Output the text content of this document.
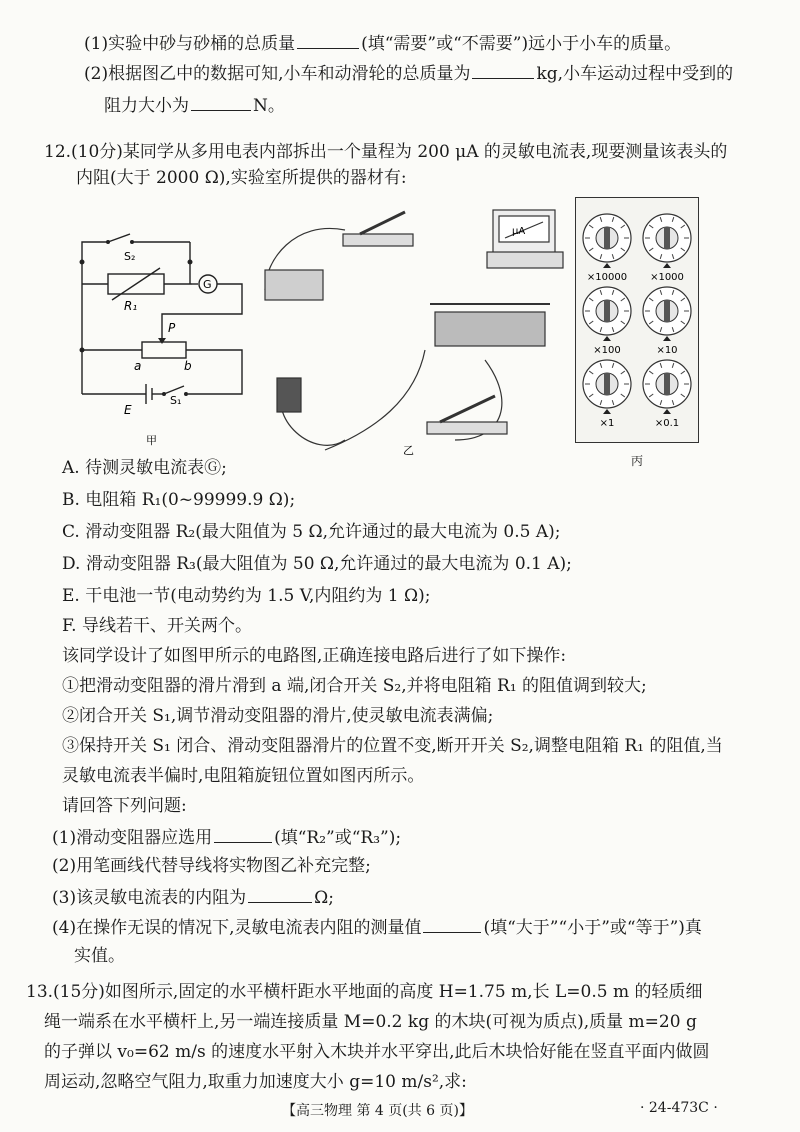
(1)实验中砂与砂桶的总质量	(填“需要”或“不需要”)远小于小车的质量。
(2)根据图乙中的数据可知,小车和动滑轮的总质量为	kg,小车运动过程中受到的
阻力大小为	N。
12.(10分)某同学从多用电表内部拆出一个量程为 200 μA 的灵敏电流表,现要测量该表头的
内阻(大于 2000 Ω),实验室所提供的器材有:
S₂
R₁
G
P
a	b
E
S₁
甲
μA
乙
×10000 ×1000
×100	×10
×1	×0.1
丙
A. 待测灵敏电流表Ⓖ;
B. 电阻箱 R₁(0~99999.9 Ω);
C. 滑动变阻器 R₂(最大阻值为 5 Ω,允许通过的最大电流为 0.5 A);
D. 滑动变阻器 R₃(最大阻值为 50 Ω,允许通过的最大电流为 0.1 A);
E. 干电池一节(电动势约为 1.5 V,内阻约为 1 Ω);
F. 导线若干、开关两个。
该同学设计了如图甲所示的电路图,正确连接电路后进行了如下操作:
①把滑动变阻器的滑片滑到 a 端,闭合开关 S₂,并将电阻箱 R₁ 的阻值调到较大;
②闭合开关 S₁,调节滑动变阻器的滑片,使灵敏电流表满偏;
③保持开关 S₁ 闭合、滑动变阻器滑片的位置不变,断开开关 S₂,调整电阻箱 R₁ 的阻值,当
灵敏电流表半偏时,电阻箱旋钮位置如图丙所示。
请回答下列问题:
(1)滑动变阻器应选用	(填“R₂”或“R₃”);
(2)用笔画线代替导线将实物图乙补充完整;
(3)该灵敏电流表的内阻为	Ω;
(4)在操作无误的情况下,灵敏电流表内阻的测量值	(填“大于”“小于”或“等于”)真
实值。
13.(15分)如图所示,固定的水平横杆距水平地面的高度 H=1.75 m,长 L=0.5 m 的轻质细
绳一端系在水平横杆上,另一端连接质量 M=0.2 kg 的木块(可视为质点),质量 m=20 g
的子弹以 v₀=62 m/s 的速度水平射入木块并水平穿出,此后木块恰好能在竖直平面内做圆
周运动,忽略空气阻力,取重力加速度大小 g=10 m/s²,求:
【高三物理 第 4 页(共 6 页)】	· 24-473C ·
